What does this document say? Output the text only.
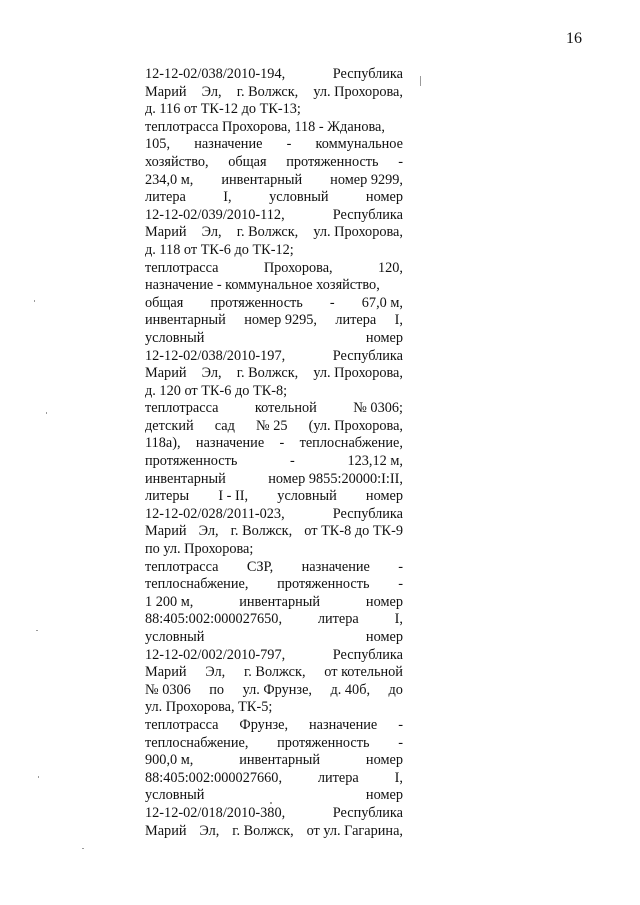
16
12-12-02/038/2010-194,	Республика
Марий Эл, г. Волжск, ул. Прохорова,
д. 116 от ТК-12 до ТК-13;
теплотрасса Прохорова, 118 - Жданова,
105, назначение - коммунальное
хозяйство, общая протяженность -
234,0 м, инвентарный номер 9299,
литера	I,	условный	номер
12-12-02/039/2010-112,	Республика
Марий Эл, г. Волжск, ул. Прохорова,
д. 118 от ТК-6 до ТК-12;
теплотрасса	Прохорова,	120,
назначение - коммунальное хозяйство,
общая протяженность - 67,0 м,
инвентарный номер 9295, литера I,
условный	номер
12-12-02/038/2010-197,	Республика
Марий Эл, г. Волжск, ул. Прохорова,
д. 120 от ТК-6 до ТК-8;
теплотрасса	котельной	№ 0306;
детский сад № 25 (ул. Прохорова,
118а), назначение - теплоснабжение,
протяженность	-	123,12 м,
инвентарный	номер 9855:20000:I:II,
литеры I - II, условный номер
12-12-02/028/2011-023,	Республика
Марий Эл, г. Волжск, от ТК-8 до ТК-9
по ул. Прохорова;
теплотрасса СЗР, назначение -
теплоснабжение, протяженность -
1 200 м,	инвентарный	номер
88:405:002:000027650,	литера	I,
условный	номер
12-12-02/002/2010-797,	Республика
Марий Эл, г. Волжск, от котельной
№ 0306 по ул. Фрунзе, д. 40б, до
ул. Прохорова, ТК-5;
теплотрасса Фрунзе, назначение -
теплоснабжение, протяженность -
900,0 м,	инвентарный	номер
88:405:002:000027660,	литера	I,
условный	номер
12-12-02/018/2010-380,	Республика
Марий Эл, г. Волжск, от ул. Гагарина,
